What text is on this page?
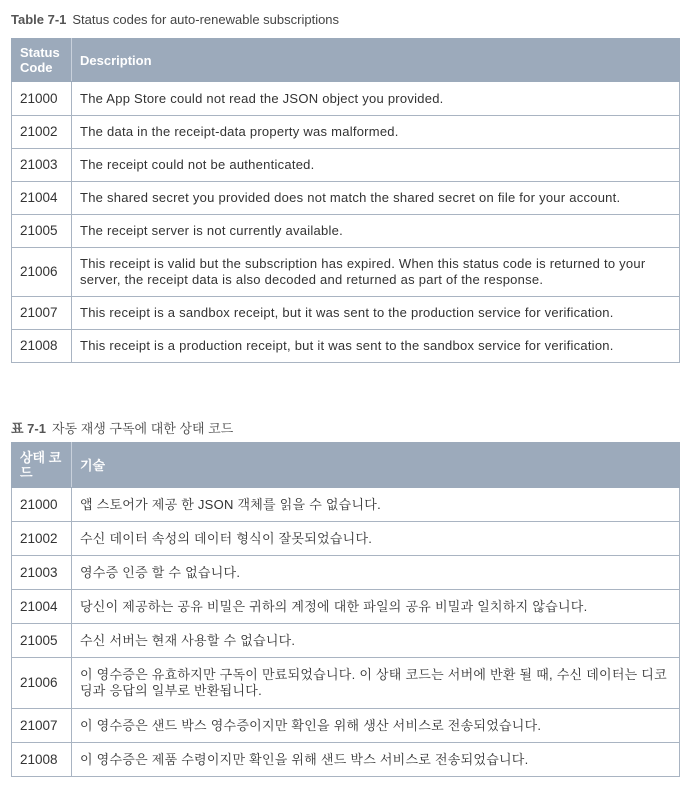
Table 7-1 Status codes for auto-renewable subscriptions
Status
Code	Description
21000	The App Store could not read the JSON object you provided.
21002	The data in the receipt-data property was malformed.
21003	The receipt could not be authenticated.
21004	The shared secret you provided does not match the shared secret on file for your account.
21005	The receipt server is not currently available.
21006	This receipt is valid but the subscription has expired. When this status code is returned to your server, the receipt data is also decoded and returned as part of the response.
21007	This receipt is a sandbox receipt, but it was sent to the production service for verification.
21008	This receipt is a production receipt, but it was sent to the sandbox service for verification.
표 7-1 자동 재생 구독에 대한 상태 코드
상태 코
드	기술
21000	앱 스토어가 제공 한 JSON 객체를 읽을 수 없습니다.
21002	수신 데이터 속성의 데이터 형식이 잘못되었습니다.
21003	영수증 인증 할 수 없습니다.
21004	당신이 제공하는 공유 비밀은 귀하의 계정에 대한 파일의 공유 비밀과 일치하지 않습니다.
21005	수신 서버는 현재 사용할 수 없습니다.
21006	이 영수증은 유효하지만 구독이 만료되었습니다. 이 상태 코드는 서버에 반환 될 때, 수신 데이터는 디코딩과 응답의 일부로 반환됩니다.
21007	이 영수증은 샌드 박스 영수증이지만 확인을 위해 생산 서비스로 전송되었습니다.
21008	이 영수증은 제품 수령이지만 확인을 위해 샌드 박스 서비스로 전송되었습니다.
